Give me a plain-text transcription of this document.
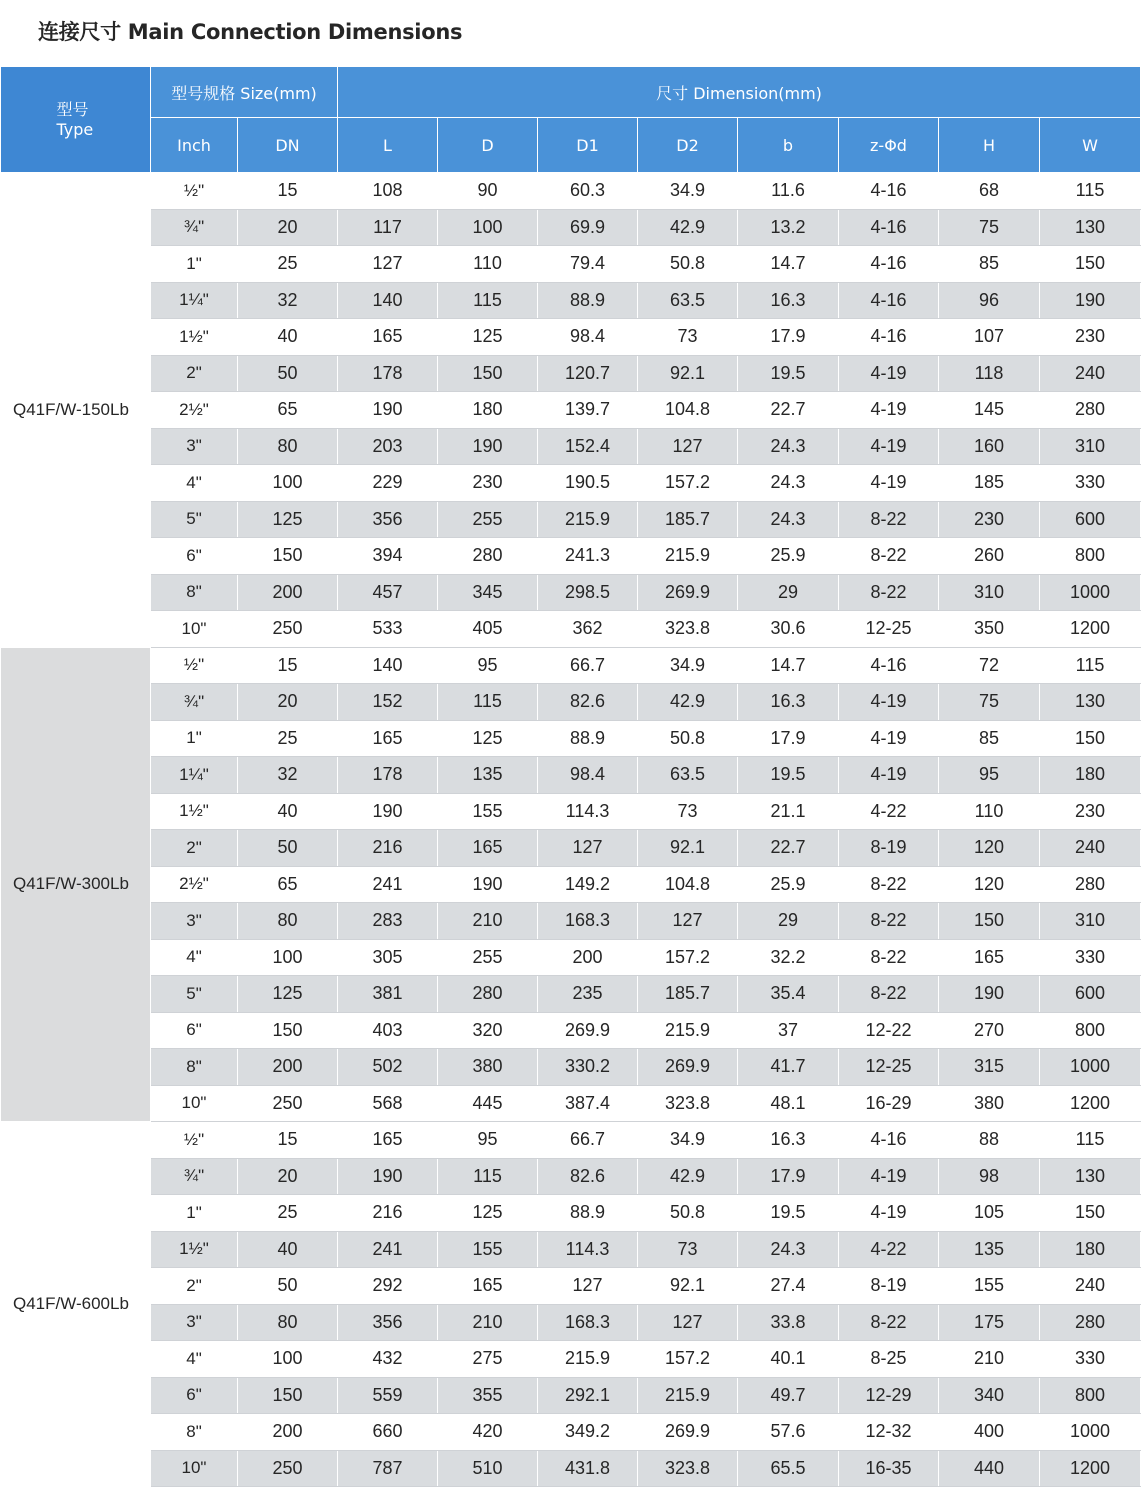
连接尺寸 Main Connection Dimensions
型号
Type	型号规格 Size(mm)		尺寸 Dimension(mm)							
	Inch	DN	L	D	D1	D2	b	z-Φd	H	W
Q41F/W-150Lb	½"	15	108	90	60.3	34.9	11.6	4-16	68	115
	¾"	20	117	100	69.9	42.9	13.2	4-16	75	130
	1"	25	127	110	79.4	50.8	14.7	4-16	85	150
	1¼"	32	140	115	88.9	63.5	16.3	4-16	96	190
	1½"	40	165	125	98.4	73	17.9	4-16	107	230
	2"	50	178	150	120.7	92.1	19.5	4-19	118	240
	2½"	65	190	180	139.7	104.8	22.7	4-19	145	280
	3"	80	203	190	152.4	127	24.3	4-19	160	310
	4"	100	229	230	190.5	157.2	24.3	4-19	185	330
	5"	125	356	255	215.9	185.7	24.3	8-22	230	600
	6"	150	394	280	241.3	215.9	25.9	8-22	260	800
	8"	200	457	345	298.5	269.9	29	8-22	310	1000
	10"	250	533	405	362	323.8	30.6	12-25	350	1200
Q41F/W-300Lb	½"	15	140	95	66.7	34.9	14.7	4-16	72	115
	¾"	20	152	115	82.6	42.9	16.3	4-19	75	130
	1"	25	165	125	88.9	50.8	17.9	4-19	85	150
	1¼"	32	178	135	98.4	63.5	19.5	4-19	95	180
	1½"	40	190	155	114.3	73	21.1	4-22	110	230
	2"	50	216	165	127	92.1	22.7	8-19	120	240
	2½"	65	241	190	149.2	104.8	25.9	8-22	120	280
	3"	80	283	210	168.3	127	29	8-22	150	310
	4"	100	305	255	200	157.2	32.2	8-22	165	330
	5"	125	381	280	235	185.7	35.4	8-22	190	600
	6"	150	403	320	269.9	215.9	37	12-22	270	800
	8"	200	502	380	330.2	269.9	41.7	12-25	315	1000
	10"	250	568	445	387.4	323.8	48.1	16-29	380	1200
Q41F/W-600Lb	½"	15	165	95	66.7	34.9	16.3	4-16	88	115
	¾"	20	190	115	82.6	42.9	17.9	4-19	98	130
	1"	25	216	125	88.9	50.8	19.5	4-19	105	150
	1½"	40	241	155	114.3	73	24.3	4-22	135	180
	2"	50	292	165	127	92.1	27.4	8-19	155	240
	3"	80	356	210	168.3	127	33.8	8-22	175	280
	4"	100	432	275	215.9	157.2	40.1	8-25	210	330
	6"	150	559	355	292.1	215.9	49.7	12-29	340	800
	8"	200	660	420	349.2	269.9	57.6	12-32	400	1000
	10"	250	787	510	431.8	323.8	65.5	16-35	440	1200
